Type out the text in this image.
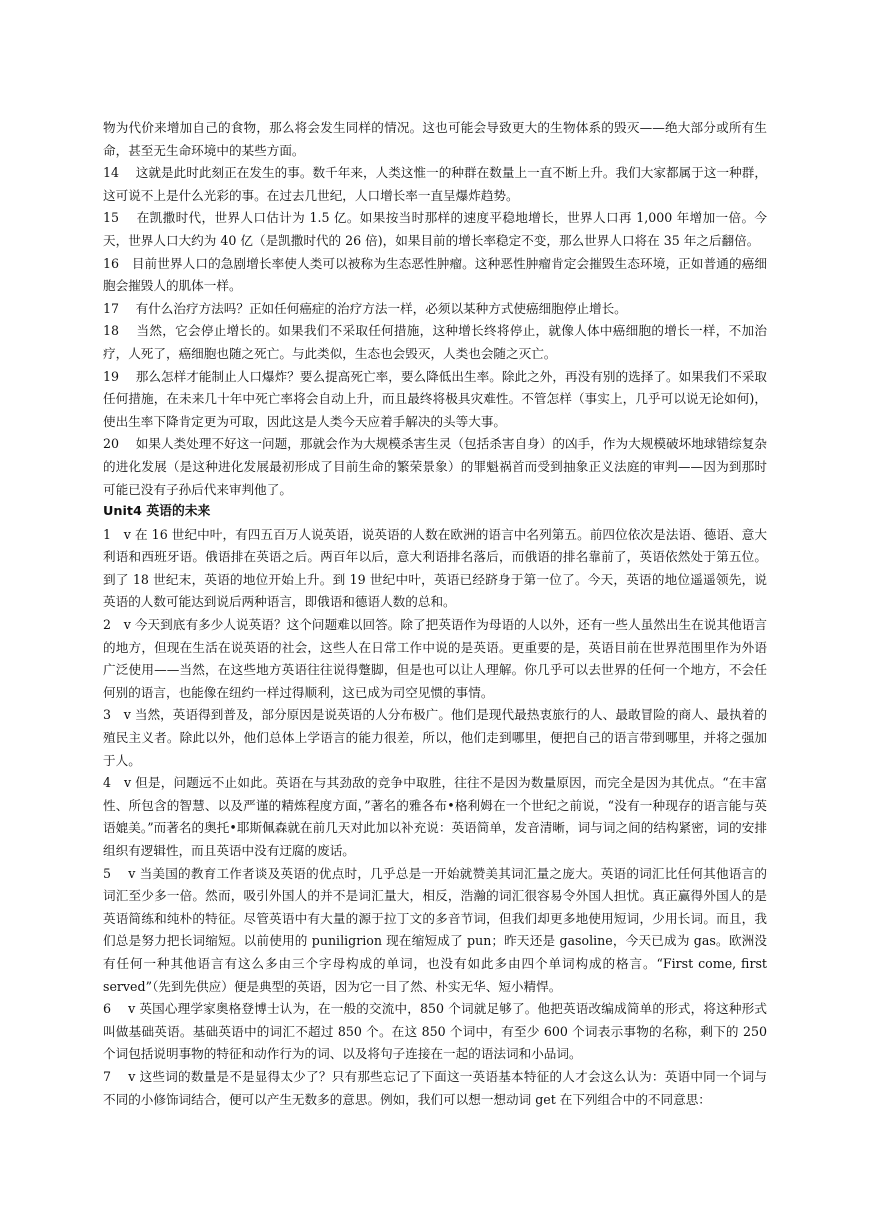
物为代价来增加自己的食物，那么将会发生同样的情况。这也可能会导致更大的生物体系的毁灭——绝大部分或所有生命，甚至无生命环境中的某些方面。

14　 这就是此时此刻正在发生的事。数千年来，人类这惟一的种群在数量上一直不断上升。我们大家都属于这一种群，这可说不上是什么光彩的事。在过去几世纪，人口增长率一直呈爆炸趋势。

15　 在凯撒时代，世界人口估计为 1.5 亿。如果按当时那样的速度平稳地增长，世界人口再 1,000 年增加一倍。今天，世界人口大约为 40 亿（是凯撒时代的 26 倍)，如果目前的增长率稳定不变，那么世界人口将在 35 年之后翻倍。

16　目前世界人口的急剧增长率使人类可以被称为生态恶性肿瘤。这种恶性肿瘤肯定会摧毁生态环境，正如普通的癌细胞会摧毁人的肌体一样。

17　 有什么治疗方法吗？正如任何癌症的治疗方法一样，必须以某种方式使癌细胞停止增长。

18　 当然，它会停止增长的。如果我们不采取任何措施，这种增长终将停止，就像人体中癌细胞的增长一样，不加治疗，人死了，癌细胞也随之死亡。与此类似，生态也会毁灭，人类也会随之灭亡。

19　 那么怎样才能制止人口爆炸？要么提高死亡率，要么降低出生率。除此之外，再没有别的选择了。如果我们不采取任何措施，在未来几十年中死亡率将会自动上升，而且最终将极具灾难性。不管怎样（事实上，几乎可以说无论如何)，使出生率下降肯定更为可取，因此这是人类今天应着手解决的头等大事。

20　 如果人类处理不好这一问题，那就会作为大规模杀害生灵（包括杀害自身）的凶手，作为大规模破坏地球错综复杂的进化发展（是这种进化发展最初形成了目前生命的繁荣景象）的罪魁祸首而受到抽象正义法庭的审判——因为到那时可能已没有子孙后代来审判他了。

Unit4 英语的未来

1　v 在 16 世纪中叶，有四五百万人说英语，说英语的人数在欧洲的语言中名列第五。前四位依次是法语、德语、意大利语和西班牙语。俄语排在英语之后。两百年以后，意大利语排名落后，而俄语的排名靠前了，英语依然处于第五位。到了 18 世纪末，英语的地位开始上升。到 19 世纪中叶，英语已经跻身于第一位了。今天，英语的地位遥遥领先，说英语的人数可能达到说后两种语言，即俄语和德语人数的总和。

2　v 今天到底有多少人说英语？这个问题难以回答。除了把英语作为母语的人以外，还有一些人虽然出生在说其他语言的地方，但现在生活在说英语的社会，这些人在日常工作中说的是英语。更重要的是，英语目前在世界范围里作为外语广泛使用——当然，在这些地方英语往往说得蹩脚，但是也可以让人理解。你几乎可以去世界的任何一个地方，不会任何别的语言，也能像在纽约一样过得顺利，这已成为司空见惯的事情。

3　v 当然，英语得到普及，部分原因是说英语的人分布极广。他们是现代最热衷旅行的人、最敢冒险的商人、最执着的殖民主义者。除此以外，他们总体上学语言的能力很差，所以，他们走到哪里，便把自己的语言带到哪里，并将之强加于人。

4　v 但是，问题远不止如此。英语在与其劲敌的竞争中取胜，往往不是因为数量原因，而完全是因为其优点。“在丰富性、所包含的智慧、以及严谨的精炼程度方面，”著名的雅各布•格利姆在一个世纪之前说，“没有一种现存的语言能与英语媲美。”而著名的奥托•耶斯佩森就在前几天对此加以补充说：英语简单，发音清晰，词与词之间的结构紧密，词的安排组织有逻辑性，而且英语中没有迂腐的废话。

5　 v 当美国的教育工作者谈及英语的优点时，几乎总是一开始就赞美其词汇量之庞大。英语的词汇比任何其他语言的词汇至少多一倍。然而，吸引外国人的并不是词汇量大，相反，浩瀚的词汇很容易令外国人担忧。真正赢得外国人的是英语简练和纯朴的特征。尽管英语中有大量的源于拉丁文的多音节词，但我们却更多地使用短词，少用长词。而且，我们总是努力把长词缩短。以前使用的 puniligrion 现在缩短成了 pun；昨天还是 gasoline，今天已成为 gas。欧洲没有任何一种其他语言有这么多由三个字母构成的单词，也没有如此多由四个单词构成的格言。“First come, first served”（先到先供应）便是典型的英语，因为它一目了然、朴实无华、短小精悍。

6　 v 英国心理学家奥格登博士认为，在一般的交流中，850 个词就足够了。他把英语改编成简单的形式，将这种形式叫做基础英语。基础英语中的词汇不超过 850 个。在这 850 个词中，有至少 600 个词表示事物的名称，剩下的 250 个词包括说明事物的特征和动作行为的词、以及将句子连接在一起的语法词和小品词。

7　 v 这些词的数量是不是显得太少了？只有那些忘记了下面这一英语基本特征的人才会这么认为：英语中同一个词与不同的小修饰词结合，便可以产生无数多的意思。例如，我们可以想一想动词 get 在下列组合中的不同意思：
